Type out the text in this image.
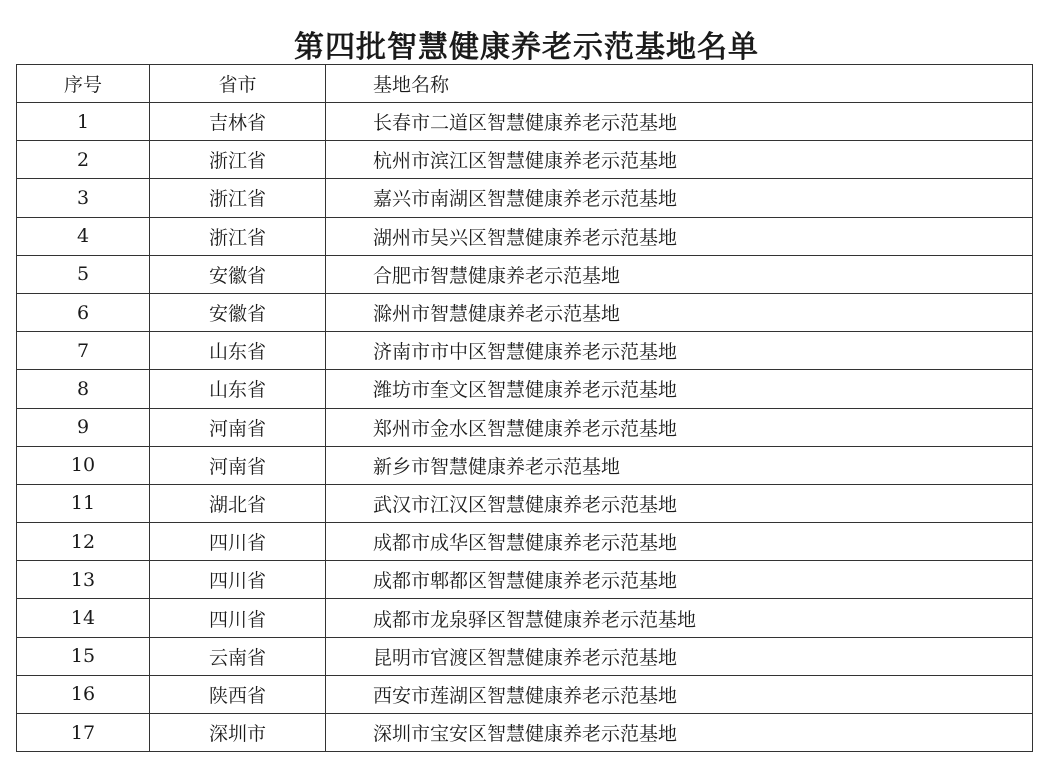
第四批智慧健康养老示范基地名单
序号	省市	基地名称
1	吉林省	长春市二道区智慧健康养老示范基地
2	浙江省	杭州市滨江区智慧健康养老示范基地
3	浙江省	嘉兴市南湖区智慧健康养老示范基地
4	浙江省	湖州市吴兴区智慧健康养老示范基地
5	安徽省	合肥市智慧健康养老示范基地
6	安徽省	滁州市智慧健康养老示范基地
7	山东省	济南市市中区智慧健康养老示范基地
8	山东省	潍坊市奎文区智慧健康养老示范基地
9	河南省	郑州市金水区智慧健康养老示范基地
10	河南省	新乡市智慧健康养老示范基地
11	湖北省	武汉市江汉区智慧健康养老示范基地
12	四川省	成都市成华区智慧健康养老示范基地
13	四川省	成都市郫都区智慧健康养老示范基地
14	四川省	成都市龙泉驿区智慧健康养老示范基地
15	云南省	昆明市官渡区智慧健康养老示范基地
16	陕西省	西安市莲湖区智慧健康养老示范基地
17	深圳市	深圳市宝安区智慧健康养老示范基地
